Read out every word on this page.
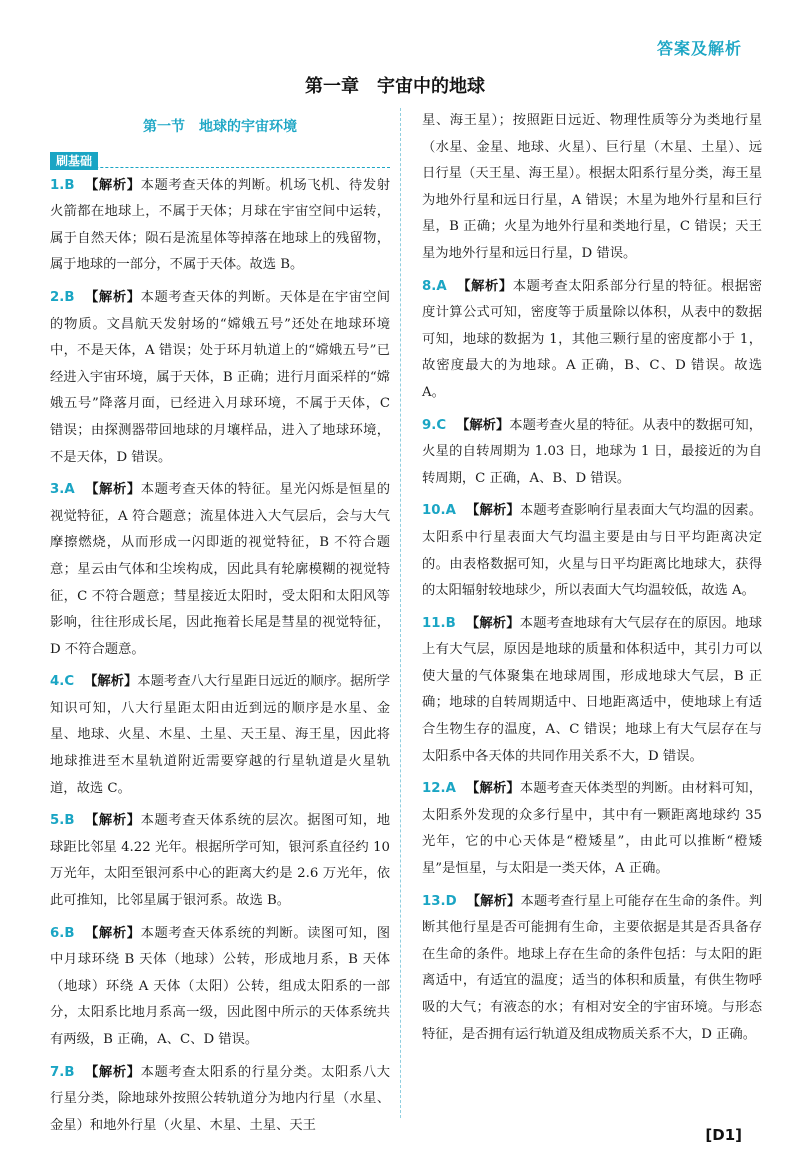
答案及解析
第一章　宇宙中的地球
第一节　地球的宇宙环境
刷基础
1.B 【解析】本题考查天体的判断。机场飞机、待发射火箭都在地球上，不属于天体；月球在宇宙空间中运转，属于自然天体；陨石是流星体等掉落在地球上的残留物，属于地球的一部分，不属于天体。故选 B。
2.B 【解析】本题考查天体的判断。天体是在宇宙空间的物质。文昌航天发射场的“嫦娥五号”还处在地球环境中，不是天体，A 错误；处于环月轨道上的“嫦娥五号”已经进入宇宙环境，属于天体，B 正确；进行月面采样的“嫦娥五号”降落月面，已经进入月球环境，不属于天体，C 错误；由探测器带回地球的月壤样品，进入了地球环境，不是天体，D 错误。
3.A 【解析】本题考查天体的特征。星光闪烁是恒星的视觉特征，A 符合题意；流星体进入大气层后，会与大气摩擦燃烧，从而形成一闪即逝的视觉特征，B 不符合题意；星云由气体和尘埃构成，因此具有轮廓模糊的视觉特征，C 不符合题意；彗星接近太阳时，受太阳和太阳风等影响，往往形成长尾，因此拖着长尾是彗星的视觉特征，D 不符合题意。
4.C 【解析】本题考查八大行星距日远近的顺序。据所学知识可知，八大行星距太阳由近到远的顺序是水星、金星、地球、火星、木星、土星、天王星、海王星，因此将地球推进至木星轨道附近需要穿越的行星轨道是火星轨道，故选 C。
5.B 【解析】本题考查天体系统的层次。据图可知，地球距比邻星 4.22 光年。根据所学可知，银河系直径约 10 万光年，太阳至银河系中心的距离大约是 2.6 万光年，依此可推知，比邻星属于银河系。故选 B。
6.B 【解析】本题考查天体系统的判断。读图可知，图中月球环绕 B 天体（地球）公转，形成地月系，B 天体（地球）环绕 A 天体（太阳）公转，组成太阳系的一部分，太阳系比地月系高一级，因此图中所示的天体系统共有两级，B 正确，A、C、D 错误。
7.B 【解析】本题考查太阳系的行星分类。太阳系八大行星分类，除地球外按照公转轨道分为地内行星（水星、金星）和地外行星（火星、木星、土星、天王
星、海王星）；按照距日远近、物理性质等分为类地行星（水星、金星、地球、火星）、巨行星（木星、土星）、远日行星（天王星、海王星）。根据太阳系行星分类，海王星为地外行星和远日行星，A 错误；木星为地外行星和巨行星，B 正确；火星为地外行星和类地行星，C 错误；天王星为地外行星和远日行星，D 错误。
8.A 【解析】本题考查太阳系部分行星的特征。根据密度计算公式可知，密度等于质量除以体积，从表中的数据可知，地球的数据为 1，其他三颗行星的密度都小于 1，故密度最大的为地球。A 正确，B、C、D 错误。故选 A。
9.C 【解析】本题考查火星的特征。从表中的数据可知，火星的自转周期为 1.03 日，地球为 1 日，最接近的为自转周期，C 正确，A、B、D 错误。
10.A 【解析】本题考查影响行星表面大气均温的因素。太阳系中行星表面大气均温主要是由与日平均距离决定的。由表格数据可知，火星与日平均距离比地球大，获得的太阳辐射较地球少，所以表面大气均温较低，故选 A。
11.B 【解析】本题考查地球有大气层存在的原因。地球上有大气层，原因是地球的质量和体积适中，其引力可以使大量的气体聚集在地球周围，形成地球大气层，B 正确；地球的自转周期适中、日地距离适中，使地球上有适合生物生存的温度，A、C 错误；地球上有大气层存在与太阳系中各天体的共同作用关系不大，D 错误。
12.A 【解析】本题考查天体类型的判断。由材料可知，太阳系外发现的众多行星中，其中有一颗距离地球约 35 光年，它的中心天体是“橙矮星”，由此可以推断“橙矮星”是恒星，与太阳是一类天体，A 正确。
13.D 【解析】本题考查行星上可能存在生命的条件。判断其他行星是否可能拥有生命，主要依据是其是否具备存在生命的条件。地球上存在生命的条件包括：与太阳的距离适中，有适宜的温度；适当的体积和质量，有供生物呼吸的大气；有液态的水；有相对安全的宇宙环境。与形态特征，是否拥有运行轨道及组成物质关系不大，D 正确。
[D1]
